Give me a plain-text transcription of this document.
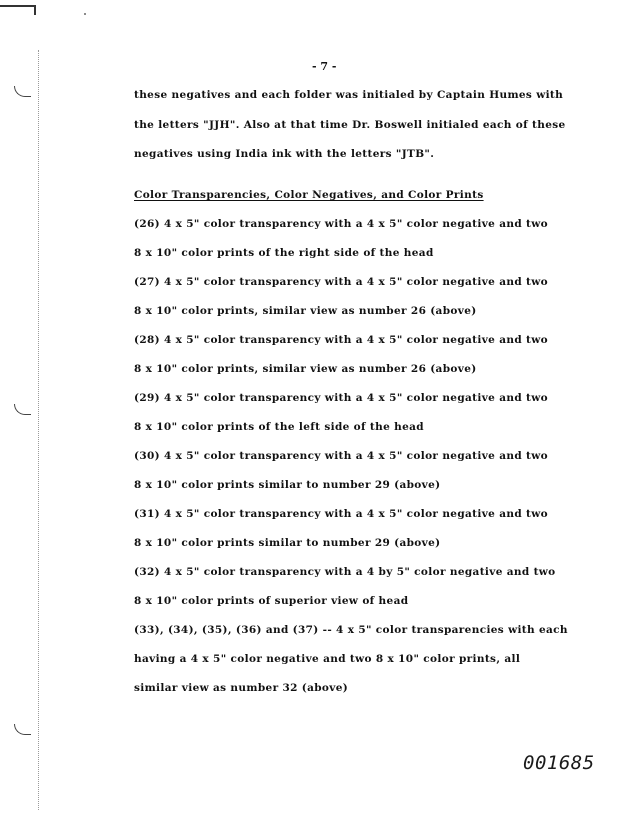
- 7 -
these negatives and each folder was initialed by Captain Humes with
the letters "JJH". Also at that time Dr. Boswell initialed each of these
negatives using India ink with the letters "JTB".
Color Transparencies, Color Negatives, and Color Prints
(26) 4 x 5" color transparency with a 4 x 5" color negative and two
8 x 10" color prints of the right side of the head
(27) 4 x 5" color transparency with a 4 x 5" color negative and two
8 x 10" color prints, similar view as number 26 (above)
(28) 4 x 5" color transparency with a 4 x 5" color negative and two
8 x 10" color prints, similar view as number 26 (above)
(29) 4 x 5" color transparency with a 4 x 5" color negative and two
8 x 10" color prints of the left side of the head
(30) 4 x 5" color transparency with a 4 x 5" color negative and two
8 x 10" color prints similar to number 29 (above)
(31) 4 x 5" color transparency with a 4 x 5" color negative and two
8 x 10" color prints similar to number 29 (above)
(32) 4 x 5" color transparency with a 4 by 5" color negative and two
8 x 10" color prints of superior view of head
(33), (34), (35), (36) and (37) -- 4 x 5" color transparencies with each
having a 4 x 5" color negative and two 8 x 10" color prints, all
similar view as number 32 (above)
001685
